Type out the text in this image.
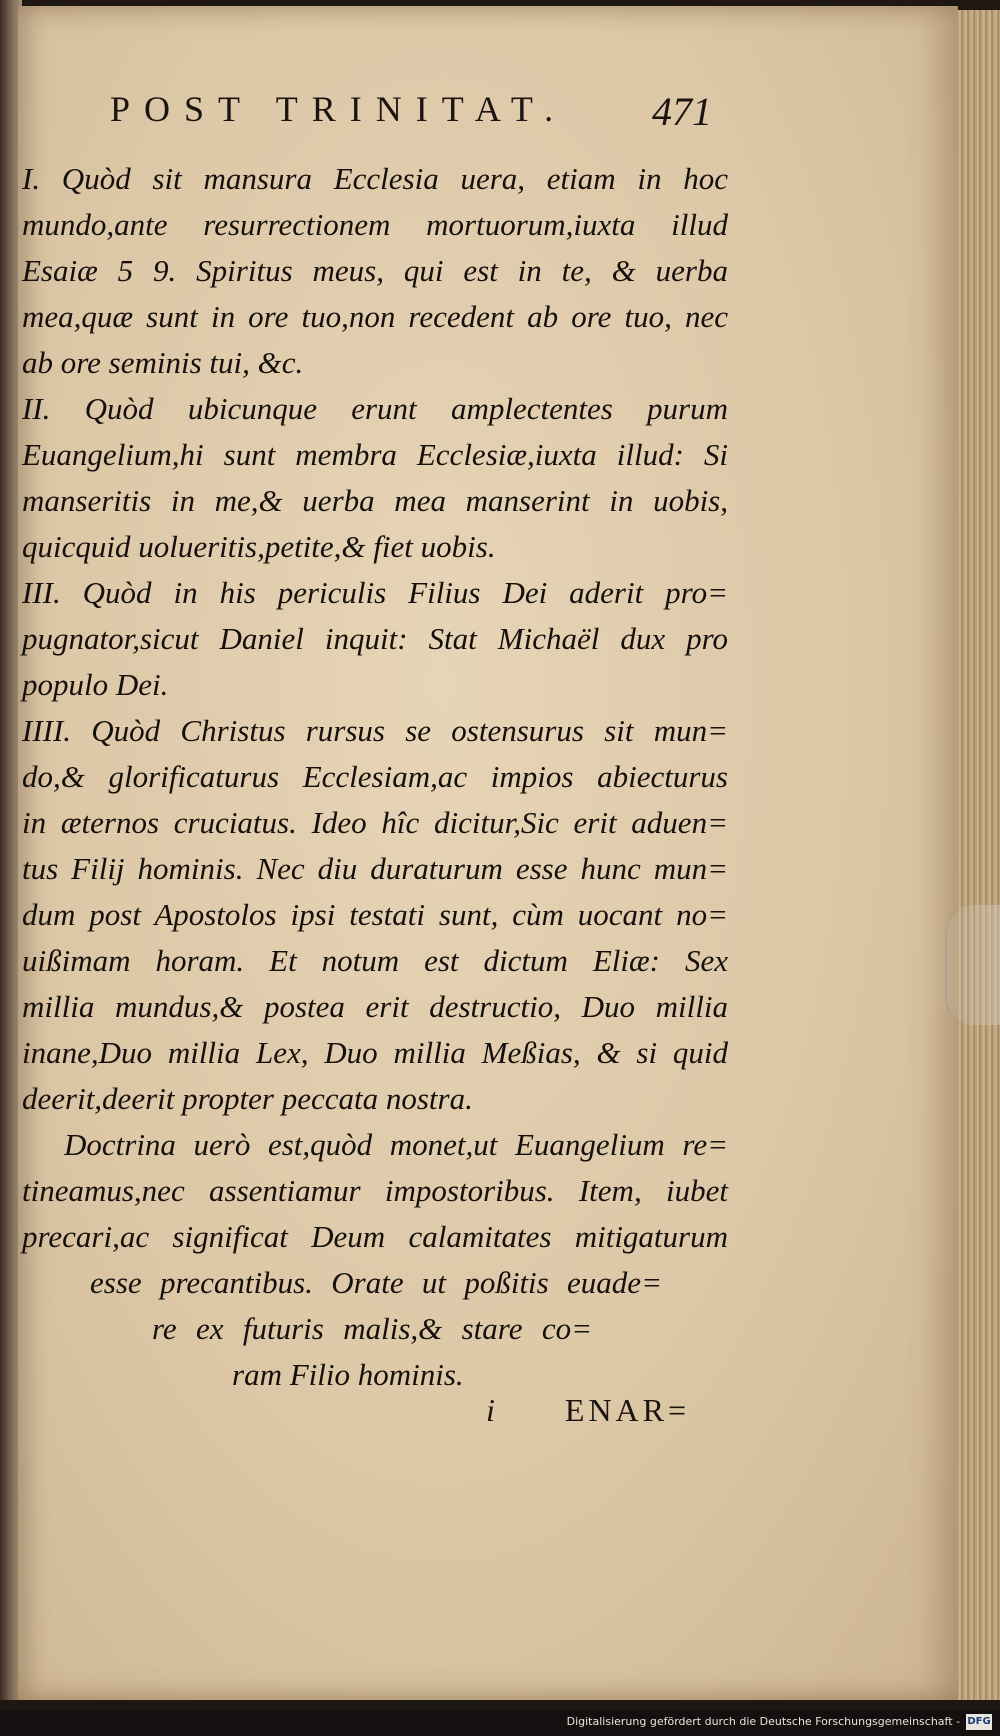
POST TRINITAT.	471
I. Quòd sit mansura Ecclesia uera, etiam in hoc
mundo,ante resurrectionem mortuorum,iuxta illud
Esaiæ 5 9. Spiritus meus, qui est in te, & uerba
mea,quæ sunt in ore tuo,non recedent ab ore tuo, nec
ab ore seminis tui, &c.
II. Quòd ubicunque erunt amplectentes purum
Euangelium,hi sunt membra Ecclesiæ,iuxta illud: Si
manseritis in me,& uerba mea manserint in uobis,
quicquid uolueritis,petite,& fiet uobis.
III. Quòd in his periculis Filius Dei aderit pro=
pugnator,sicut Daniel inquit: Stat Michaël dux pro
populo Dei.
IIII. Quòd Christus rursus se ostensurus sit mun=
do,& glorificaturus Ecclesiam,ac impios abiecturus
in æternos cruciatus. Ideo hîc dicitur,Sic erit aduen=
tus Filij hominis. Nec diu duraturum esse hunc mun=
dum post Apostolos ipsi testati sunt, cùm uocant no=
uißimam horam. Et notum est dictum Eliæ: Sex
millia mundus,& postea erit destructio, Duo millia
inane,Duo millia Lex, Duo millia Meßias, & si quid
deerit,deerit propter peccata nostra.
Doctrina uerò est,quòd monet,ut Euangelium re=
tineamus,nec assentiamur impostoribus. Item, iubet
precari,ac significat Deum calamitates mitigaturum
esse precantibus. Orate ut poßitis euade=
re ex futuris malis,& stare co=
ram Filio hominis.
i ENAR=
Digitalisierung gefördert durch die Deutsche Forschungsgemeinschaft - DFG
